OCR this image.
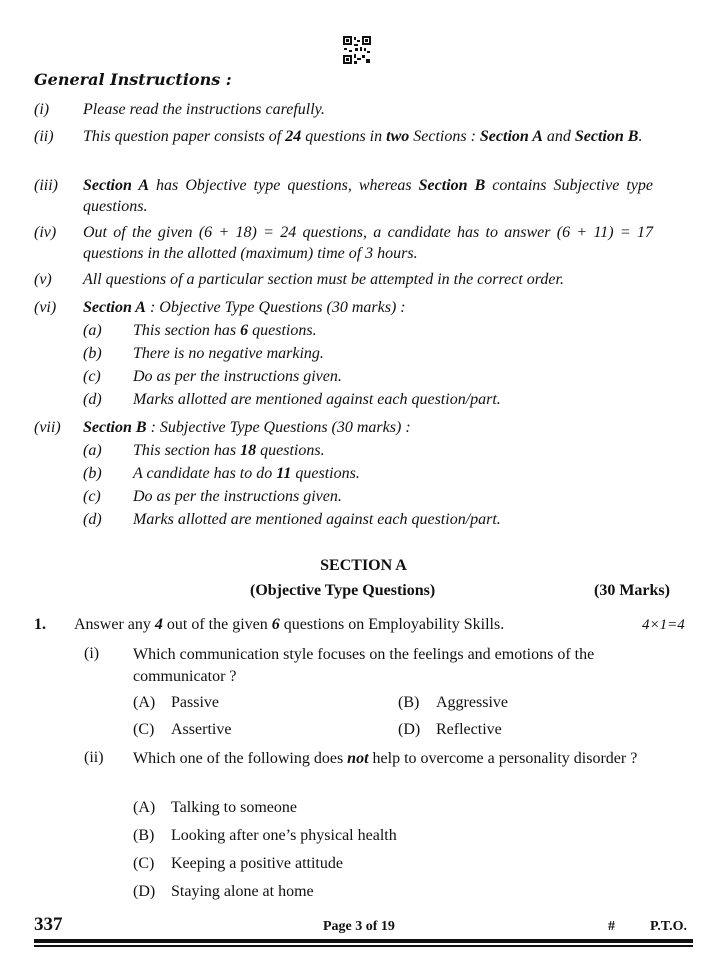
General Instructions :
(i) Please read the instructions carefully.
(ii) This question paper consists of 24 questions in two Sections : Section A and Section B.
(iii) Section A has Objective type questions, whereas Section B contains Subjective type questions.
(iv) Out of the given (6 + 18) = 24 questions, a candidate has to answer (6 + 11) = 17 questions in the allotted (maximum) time of 3 hours.
(v) All questions of a particular section must be attempted in the correct order.
(vi) Section A : Objective Type Questions (30 marks) :
(a) This section has 6 questions.
(b) There is no negative marking.
(c) Do as per the instructions given.
(d) Marks allotted are mentioned against each question/part.
(vii) Section B : Subjective Type Questions (30 marks) :
(a) This section has 18 questions.
(b) A candidate has to do 11 questions.
(c) Do as per the instructions given.
(d) Marks allotted are mentioned against each question/part.
SECTION A
(Objective Type Questions)	(30 Marks)
1. Answer any 4 out of the given 6 questions on Employability Skills.	4×1=4
(i) Which communication style focuses on the feelings and emotions of the communicator ?
(A) Passive	(B) Aggressive
(C) Assertive	(D) Reflective
(ii) Which one of the following does not help to overcome a personality disorder ?
(A) Talking to someone
(B) Looking after one’s physical health
(C) Keeping a positive attitude
(D) Staying alone at home
337	Page 3 of 19	#	P.T.O.
